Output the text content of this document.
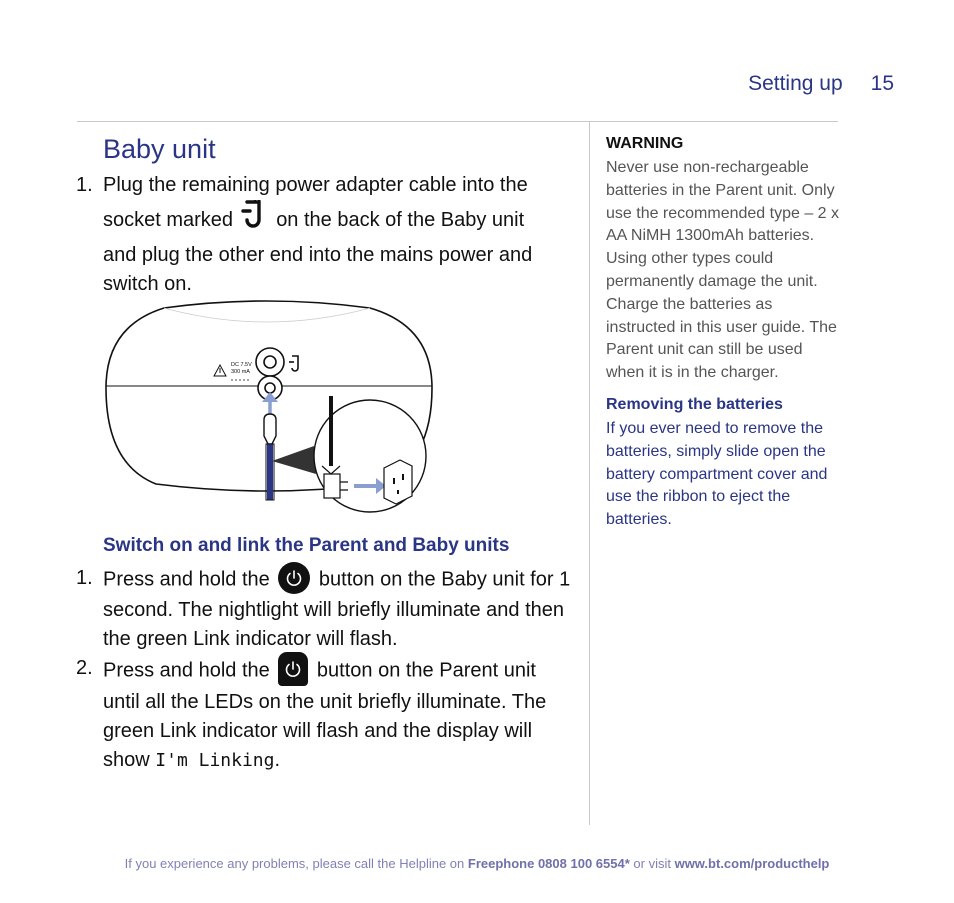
Setting up 15
Baby unit
1. Plug the remaining power adapter cable into the socket marked on the back of the Baby unit and plug the other end into the mains power and switch on.
DC 7.5V
300 mA
Switch on and link the Parent and Baby units
1. Press and hold the button on the Baby unit for 1 second. The nightlight will briefly illuminate and then the green Link indicator will flash.
2. Press and hold the button on the Parent unit until all the LEDs on the unit briefly illuminate. The green Link indicator will flash and the display will show I'm Linking.
WARNING
Never use non-rechargeable batteries in the Parent unit. Only use the recommended type – 2 x AA NiMH 1300mAh batteries. Using other types could permanently damage the unit. Charge the batteries as instructed in this user guide. The Parent unit can still be used when it is in the charger.
Removing the batteries
If you ever need to remove the batteries, simply slide open the battery compartment cover and use the ribbon to eject the batteries.
If you experience any problems, please call the Helpline on Freephone 0808 100 6554* or visit www.bt.com/producthelp
